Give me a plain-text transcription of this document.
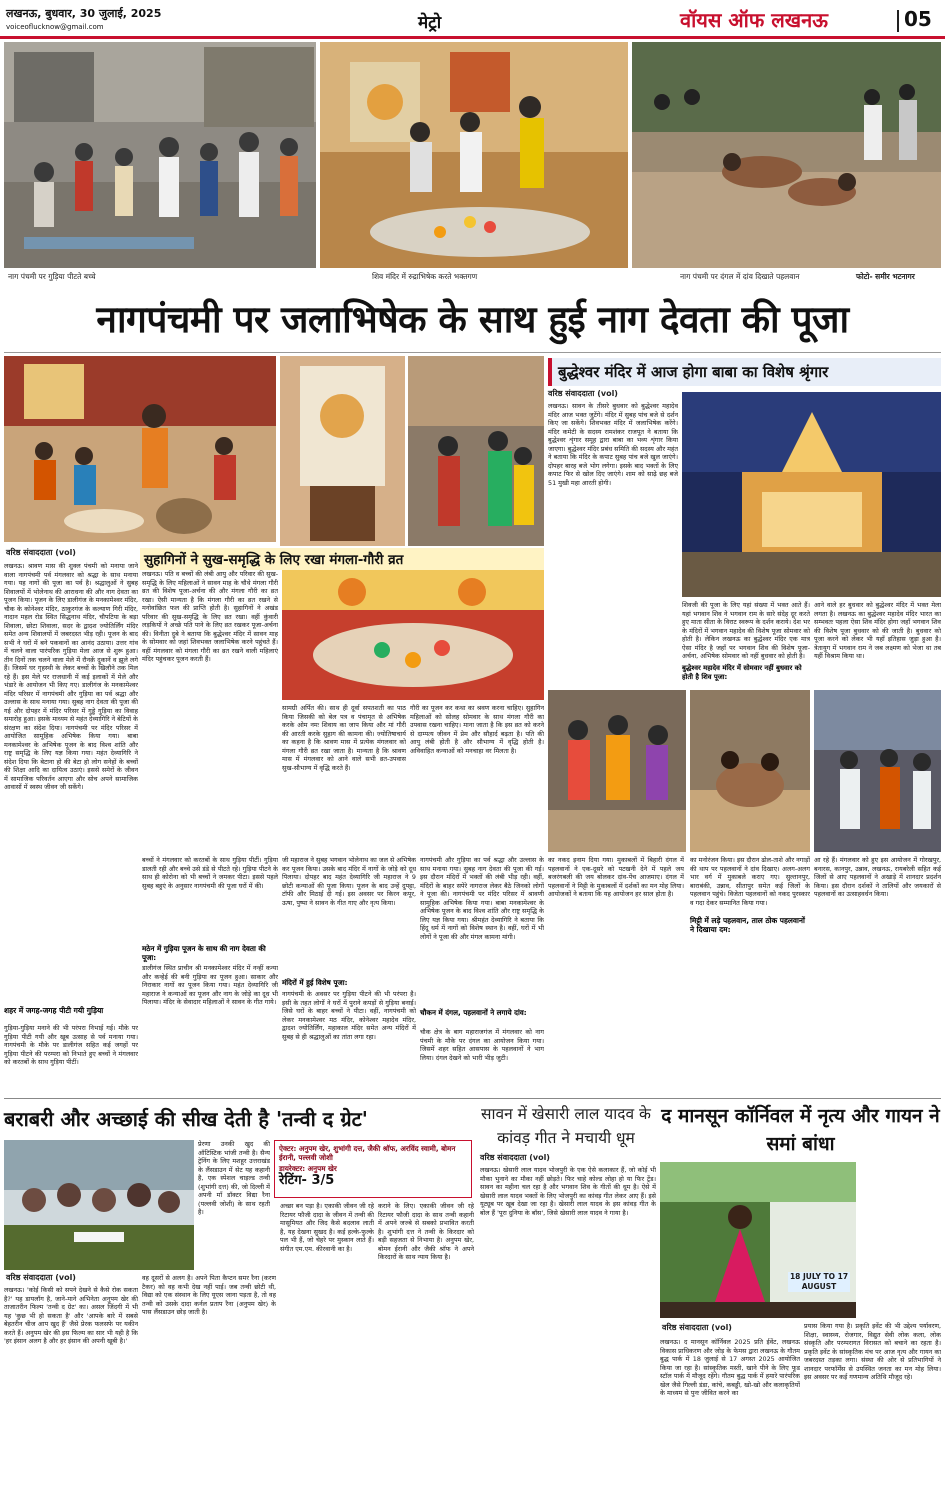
लखनऊ, बुधवार, 30 जुलाई, 2025
voiceoflucknow@gmail.com	मेट्रो	वॉयस ऑफ लखनऊ	05
नाग पंचमी पर गुड़िया पीटते बच्चे	शिव मंदिर में रुद्राभिषेक करते भक्तगण	नाग पंचमी पर दंगल में दांव दिखाते पहलवान	फोटो- समीर भटनागर
नागपंचमी पर जलाभिषेक के साथ हुई नाग देवता की पूजा
सुहागिनों ने सुख-समृद्धि के लिए रखा मंगला-गौरी व्रत
बुद्धेश्वर मंदिर में आज होगा बाबा का विशेष श्रृंगार
वरिष्ठ संवाददाता (vol)
वरिष्ठ संवाददाता (vol)
लखनऊ। श्रावण मास की शुक्ल पंचमी को मनाया जाने वाला नागपंचमी पर्व मंगलवार को श्रद्धा के साथ मनाया गया। यह नागों की पूजा का पर्व है। श्रद्धालुओं ने सुबह शिवालयों में भोलेनाथ की आराधना की और नाग देवता का पूजन किया। पूजन के लिए डालीगंज के मनकामेश्वर मंदिर, चौक के कोनेश्वर मंदिर, ठाकुरगंज के कल्याण गिरी मंदिर, नादान महल रोड स्थित सिद्धनाथ मंदिर, चौपटिया के बड़ा शिवाला, छोटा शिवाला, सदर के द्वादश ज्योतिर्लिंग मंदिर समेत अन्य शिवालयों में जबरदस्त भीड़ रही। पूजन के बाद सभी ने घरों में बने पकवानों का आनंद उठाया। उत्तर गांव में चलने वाला पारंपरिक गुड़िया मेला आज से शुरू हुआ। तीन दिनों तक चलने वाला मेले में रौनक़ें दुकानें व झूले लगे हैं। जिसमें घर गृहस्थी के लेकर बच्चों के खिलौने तक मिल रहे हैं। इस मेले पर राजधानी में कई इलाकों में मेले और भंडारे के आयोजन भी किए गए। डालीगंज के मनकामेश्वर मंदिर परिसर में नागपंचमी और गुड़िया का पर्व श्रद्धा और उल्लास के साथ मनाया गया। सुबह नाग देवता की पूजा की गई और दोपहर में मंदिर परिसर में गुड्डे गुड़िया का विवाह समारोह हुआ। इसके माध्यम से महंत देव्यागिरि ने बेटियों के संरक्षण का संदेश दिया। नागपंचमी पर मंदिर परिसर में आयोजित सामूहिक अभिषेक किया गया। बाबा मनकामेश्वर के अभिषेक पूजन के बाद विश्व शांति और राष्ट्र समृद्धि के लिए यज्ञ किया गया। महंत देव्यागिरि ने संदेश दिया कि बेटाना हो की बेटा हो लोग सनेहों के बच्चों की शिक्षा आदि का दायित्व उठाएं। इससे समेरों के जीवन में सामाजिक परिवर्तन आएगा और सोच अपने सामाजिक आवासों में स्वस्थ जीवन जी सकेंगे।
शहर में जगह-जगह पीटी गयी गुड़िया
गुड़िया-गुड़िया मनाने की भी परंपरा निभाई गई। मौके पर गुड़िया पीटी गयी और खूब उत्साह से पर्व मनाया गया। नागपंचमी के मौके पर डालीगंज सहित कई जगहों पर गुड़िया पीटने की परम्परा को निभाते हुए बच्चों ने मंगलवार को करतबों के साथ गुड़िया पीटीं।
लखनऊ। पति व बच्चों की लंबी आयु और परिवार की सुख-समृद्धि के लिए महिलाओं ने सावन माह के चौथे मंगला गौरी व्रत की विशेष पूजा-अर्चना की और मंगला गौरी का व्रत रखा। ऐसी मान्यता है कि मंगला गौरी का व्रत रखने से मनोवांछित फल की प्राप्ति होती है। सुहागिनों ने अखंड परिवार की सुख-समृद्धि के लिए व्रत रखा। वहीं कुंवारी लड़कियों ने अच्छे पति पाने के लिए व्रत रखकर पूजा-अर्चना की। विनीता दुबे ने बताया कि बुद्धेश्वर मंदिर में सावन माह के सोमवार को जहां शिवभक्त जलाभिषेक करने पहुंचते हैं। वहीं मंगलवार को मंगला गौरी का व्रत रखने वाली महिलाएं मंदिर पहुंचकर पूजन करती हैं।
सामग्री अर्पित की। साथ ही दूर्वा सपतशती का पाठ किया जिसकी को बेल पत्र व पंचामृत से अभिषेक करके ओम नमः शिवाय का जाप किया और मां गौरी की आरती करके सुहाग की कामना की। ज्योतिषाचार्य का कहना है कि श्रावण मास में प्रत्येक मंगलवार को मंगला गौरी व्रत रखा जाता है। मान्यता है कि श्रावण मास में मंगलवार को आने वाले सभी व्रत-उपवास सुख-सौभाग्य में वृद्धि करते हैं।
गौरी का पूजन कर कथा का श्रवण करना चाहिए। सुहागिन महिलाओं को सोलह सोमवार के साथ मंगला गौरी का उपवास रखना चाहिए। माना जाता है कि इस व्रत को करने से दाम्पत्य जीवन में प्रेम और सौहार्द बढ़ता है। पति की आयु लंबी होती है और सौभाग्य में वृद्धि होती है। अविवाहित कन्याओं को मनचाहा वर मिलता है।
बच्चों ने मंगलवार को करतबों के साथ गुड़िया पीटीं। गुड़िया डालती रही और बच्चे उसे डंडे से पीटते रहे। गुड़िया पीटने के साथ ही कोरोना को भी बच्चों ने जमकर पीटा। इससे पहले सुबह बहुएं के अनुसार नागपंचमी की पूजा घरों में की।
मठेन में गुड़िया पूजन के साथ की नाग देवता की पूजा:
डालीगंज स्थित प्राचीन श्री मनकामेश्वर मंदिर में नन्हीं कन्या और कन्हेई की बनी गुड़िया का पूजन हुआ। साकार और निराकार नागों का पूजन किया गया। महंत देव्यागिरि जी महाराज ने कन्याओं का पूजन और नाग के जोड़े का दूध भी पिलाया। मंदिर के सेवादार महिलाओं ने सावन के गीत गाये।
जी महाराज ने सुबह भगवान भोलेनाथ का जल से अभिषेक कर पूजन किया। उसके बाद मंदिर में नागों के जोड़े को दूध पिलाया। दोपहर बाद महंत देव्यागिरि जी महाराज ने 9 छोटी कन्याओं की पूजा किया। पूजन के बाद उन्हें दुपट्टा, टॉफी और मिठाई दी गई। इस अवसर पर किरन कपूर, ऊषा, पुष्पा ने सावन के गीत गाए और नृत्य किया।
मंदिरों में हुई विशेष पूजा:
नागपंचमी के अवसर पर गुड़िया पीटने की भी परंपरा है। इसी के तहत लोगों ने घरों में पुराने कपड़ों से गुड़िया बनाई। जिसे घरों के बाहर बच्चों ने पीटा। वहीं, नागपंचमी को लेकर मनकामेश्वर मठ मंदिर, कोनेश्वर महादेव मंदिर, द्वादश ज्योतिर्लिंग, महाकाल मंदिर समेत अन्य मंदिरों में सुबह से ही श्रद्धालुओं का तांता लगा रहा।
नागपंचमी और गुड़िया का पर्व श्रद्धा और उल्लास के साथ मनाया गया। सुबह नाग देवता की पूजा की गई। इस दौरान मंदिरों में भक्तों की लंबी भीड़ रही। वहीं, मंदिरों के बाहर सपेरे नागराज लेकर बैठे जिनको लोगों ने पूजा की। नागपंचमी पर मंदिर परिसर में श्रावणी सामूहिक अभिषेक किया गया। बाबा मनकामेश्वर के अभिषेक पूजन के बाद विश्व शांति और राष्ट्र समृद्धि के लिए यज्ञ किया गया। श्रीमहंत देव्यागिरि ने बताया कि हिंदू धर्म में नागों को विशेष स्थान है। वहीं, घरों में भी लोगों ने पूजा की और मंगल कामना मांगी।
चौकन में दंगल, पहलवानों ने लगाये दांव:
चौक क्षेत्र के बाग महाराजगंज में मंगलवार को नाग पंचमी के मौके पर दंगल का आयोजन किया गया। जिसमें शहर सहित आसपास के पहलवानों ने भाग लिया। दंगल देखने को भारी भीड़ जुटी।
लखनऊ। सावन के तीसरे बुधवार को बुद्धेश्वर महादेव मंदिर आज भक्त जुटेंगे। मंदिर में सुबह पांच बजे से दर्शन किए जा सकेंगे। शिवभक्त मंदिर में जलाभिषेक करेंगे। मंदिर कमेटी के सदस्य रामशंकर राजपूत ने बताया कि बुद्धेश्वर शृंगार समूह द्वारा बाबा का भव्य शृंगार किया जाएगा। बुद्धेश्वर मंदिर प्रबंध समिति की सदस्य और महंत ने बताया कि मंदिर के कपाट सुबह पांच बजे खुल जाएंगे। दोपहर बारह बजे भोग लगेगा। इसके बाद भक्तों के लिए कपाट फिर से खोल दिए जाएंगे। शाम को साढ़े छह बजे 51 मुखी महा आरती होगी।
शिवजी की पूजा के लिए यहां संख्या में भक्त आते हैं। यहां भगवान शिव ने भगवान राम के सारे संदेह दूर करते हुए माता सीता के विराट स्वरूप के दर्शन कराये। देश भर के मंदिरों में भगवान महादेव की विशेष पूजा सोमवार को होती है। लेकिन लखनऊ का बुद्धेश्वर मंदिर एक मात्र ऐसा मंदिर है जहाँ पर भगवान शिव की विशेष पूजा-अर्चना, अभिषेक सोमवार को नहीं बुधवार को होती है।
बुद्धेश्वर महादेव मंदिर में सोमवार नहीं बुधवार को होती है शिव पूजा:
आने वाले हर बुधवार को बुद्धेश्वर मंदिर में भक्त मेला लगता है। लखनऊ का बुद्धेश्वर महादेव मंदिर भारत का सम्भवतः पहला ऐसा शिव मंदिर होगा जहाँ भगवान शिव की विशेष पूजा बुधवार को की जाती है। बुधवार को पूजा करने को लेकर भी यहाँ इतिहास जुड़ा हुआ है। त्रेतायुग में भगवान राम ने जब लक्ष्मण को भेजा था तब यहीं विश्राम किया था।
का नकद इनाम दिया गया। मुकाबलों में बिहारी दंगल में पहलवानों ने एक-दूसरे को पटखनी देने में पहले जय बजरंगबली की जय बोलकर दांव-पेंच आजमाए। दंगल में पहलवानों ने मिट्टी के मुकाबलों में दर्शकों का मन मोह लिया। आयोजकों ने बताया कि यह आयोजन हर साल होता है।
मिट्टी में लड़े पहलवान, ताल ठोक पहलवानों ने दिखाया दम:
का मनोरंजन किया। इस दौरान ढोल-ताशे और नगाड़ों की थाप पर पहलवानों ने दांव दिखाए। अलग-अलग भार वर्ग में मुकाबले कराए गए। सुल्तानपुर, बाराबंकी, उन्नाव, सीतापुर समेत कई जिलों के पहलवान पहुंचे। विजेता पहलवानों को नकद पुरस्कार व गदा देकर सम्मानित किया गया।
आ रहे हैं। मंगलवार को हुए इस आयोजन में गोरखपुर, बनारस, कानपुर, उन्नाव, लखनऊ, रायबरेली सहित कई जिलों से आए पहलवानों ने अखाड़े में शानदार प्रदर्शन किया। इस दौरान दर्शकों ने तालियों और जयकारों से पहलवानों का उत्साहवर्धन किया।
बराबरी और अच्छाई की सीख देती है 'तन्वी द ग्रेट'
प्रेरणा उनकी खुद की ऑटिस्टिक भांजी तन्वी है। सैन्य ट्रेनिंग के लिए मशहूर उत्तराखंड के लैंसडाउन में सेट यह कहानी है, एक स्पेशल चाइल्ड तन्वी (शुभांगी दत्त) की, जो दिल्ली में अपनी माँ डॉक्टर विद्या रैना (पल्लवी जोशी) के साथ रहती है।
ऐक्टर: अनुपम खेर, शुभांगी दत्त, जैकी श्रॉफ, अरविंद स्वामी, बोमन ईरानी, पल्लवी जोशी
डायरेक्टर: अनुपम खेर
रेटिंग- 3/5
वरिष्ठ संवाददाता (vol)
लखनऊ। 'कोई किसी को सपने देखने से कैसे रोक सकता है?' यह डायलॉग है, जाने-माने अभिनेता अनुपम खेर की ताजातरीन फिल्म 'तन्वी द ग्रेट' का। असल जिंदगी में भी यह 'कुछ भी हो सकता है' और 'आपके बारे में सबसे बेहतरीन चीज आप खुद हैं' जैसे प्रेरक फलसफे पर यकीन करते हैं। अनुपम खेर की इस फिल्म का सार भी यही है कि 'हर इंसान अलग है और हर इंसान की अपनी खूबी है।'
वह दूसरों से अलग है। अपने पिता कैप्टन समर रैना (करण टैकर) को वह कभी देख नहीं पाई। जब तन्वी छोटी थी, विद्या को एक संस्थान के लिए यूएस जाना पड़ता है, तो वह तन्वी को उसके दादा कर्नल प्रताप रैना (अनुपम खेर) के पास लैंसडाउन छोड़ जाती है।
अच्छा बन पड़ा है। एकाकी जीवन जी रहे रिटायर फौजी दादा के जीवन में तन्वी की मासूमियत और जिद कैसे बदलाव लाती है, यह देखना सुखद है। कई हल्के-फुल्के पल भी हैं, जो चेहरे पर मुस्कान लाते हैं। संगीत एम.एम. कीरवानी का है।
कराने के लिए। एकाकी जीवन जी रहे रिटायर फौजी दादा के साथ तन्वी कहानी में अपने जज्बे से सबको प्रभावित करती है। शुभांगी दत्त ने तन्वी के किरदार को बड़ी सहजता से निभाया है। अनुपम खेर, बोमन ईरानी और जैकी श्रॉफ ने अपने किरदारों के साथ न्याय किया है।
सावन में खेसारी लाल यादव के कांवड़ गीत ने मचायी धूम
वरिष्ठ संवाददाता (vol)
लखनऊ। खेसारी लाल यादव भोजपुरी के एक ऐसे कलाकार हैं, जो कोई भी मौका भुनाने का मौका नहीं छोड़ते। फिर चाहे कोल्ड लोहा हो या फिर ट्रेंड। सावन का महीना चल रहा है और भगवान शिव के गीतों की धूम है। ऐसे में खेसारी लाल यादव भक्तों के लिए भोजपुरी का कांवड़ गीत लेकर आए हैं। इसे यूट्यूब पर खूब देखा जा रहा है। खेसारी लाल यादव के इस कांवड़ गीत के बोल हैं 'पूरा दुनिया के बॉस', जिसे खेसारी लाल यादव ने गाया है।
द मानसून कॉर्निवल में नृत्य और गायन ने समां बांधा
18 JULY TO 17 AUGUST
वरिष्ठ संवाददाता (vol)
लखनऊ। द मानसून कॉर्निवल 2025 प्रति ईवेंट, लखनऊ विकास प्राधिकरण और जोड़ के फेमस द्वारा लखनऊ के गौतम बुद्ध पार्क में 18 जुलाई से 17 अगस्त 2025 आयोजित किया जा रहा है। सांस्कृतिक मस्ती, खाने पीने के लिए फूड स्टॉल पार्क में मौजूद रहेंगे। गौतम बुद्ध पार्क में हमारे पारंपरिक खेल जैसे गिल्ली डंडा, कांचे, कबड्डी, खो-खो और कलाकृतियों के माध्यम से पुनः जीवित करने का
प्रयास किया गया है। प्रकृति इवेंट की भी उद्देश्य पर्यावरण, शिक्षा, स्वास्थ्य, रोजगार, विद्युत सेवी लोक कला, लोक संस्कृति और परम्परागत विरासत को बचाने का रहता है। प्रकृति इवेंट के सांस्कृतिक मंच पर आज नृत्य और गायन का जबरदस्त तड़का लगा। संस्था की ओर से प्रतिभागियों ने शानदार परफॉर्मेंस से उपस्थित जनता का मन मोह लिया। इस अवसर पर कई गणमान्य अतिथि मौजूद रहे।
